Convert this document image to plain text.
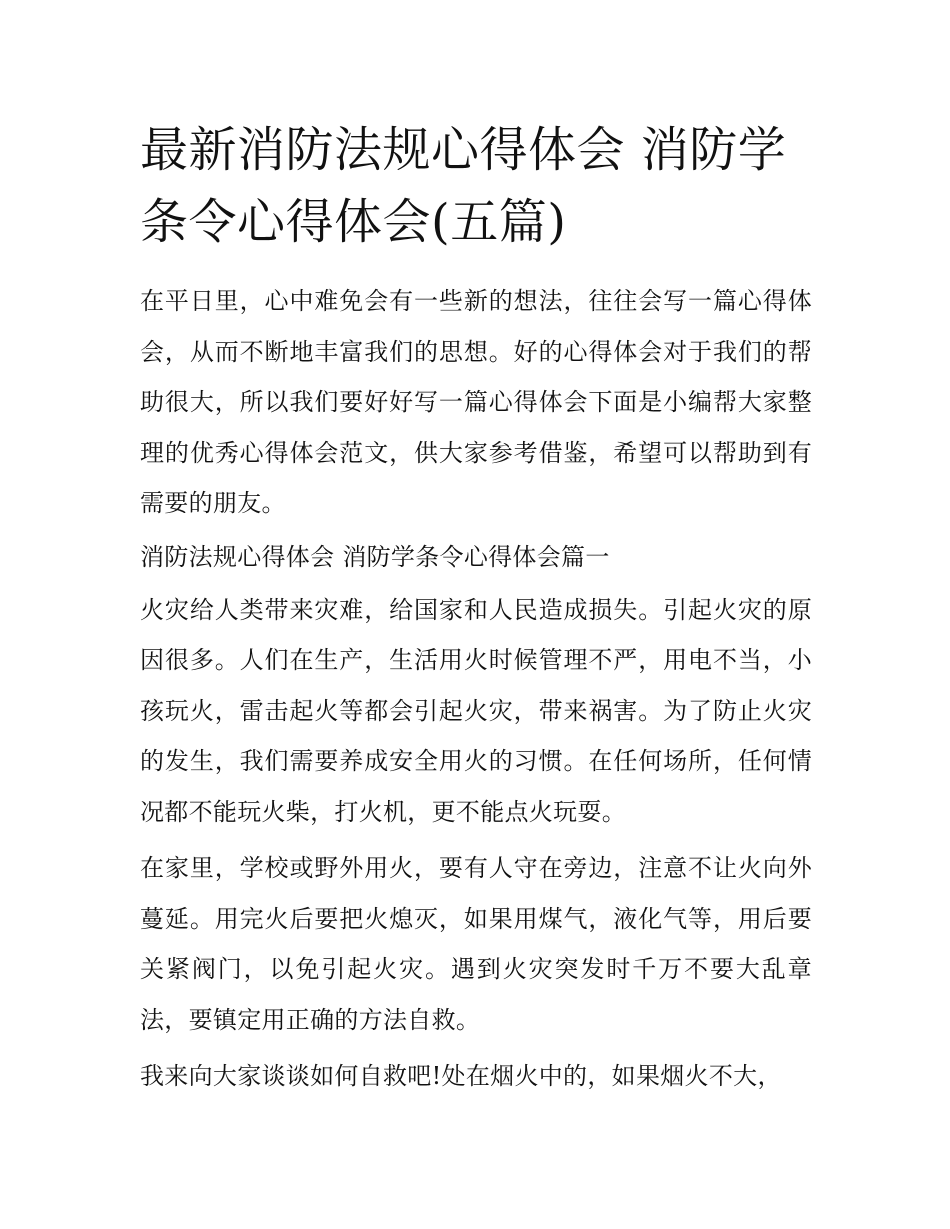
最新消防法规心得体会 消防学条令心得体会(五篇)

在平日里，心中难免会有一些新的想法，往往会写一篇心得体会，从而不断地丰富我们的思想。好的心得体会对于我们的帮助很大，所以我们要好好写一篇心得体会下面是小编帮大家整理的优秀心得体会范文，供大家参考借鉴，希望可以帮助到有需要的朋友。

消防法规心得体会 消防学条令心得体会篇一

火灾给人类带来灾难，给国家和人民造成损失。引起火灾的原因很多。人们在生产，生活用火时候管理不严，用电不当，小孩玩火，雷击起火等都会引起火灾，带来祸害。为了防止火灾的发生，我们需要养成安全用火的习惯。在任何场所，任何情况都不能玩火柴，打火机，更不能点火玩耍。

在家里，学校或野外用火，要有人守在旁边，注意不让火向外蔓延。用完火后要把火熄灭，如果用煤气，液化气等，用后要关紧阀门，以免引起火灾。遇到火灾突发时千万不要大乱章法，要镇定用正确的方法自救。

我来向大家谈谈如何自救吧!处在烟火中的，如果烟火不大，
